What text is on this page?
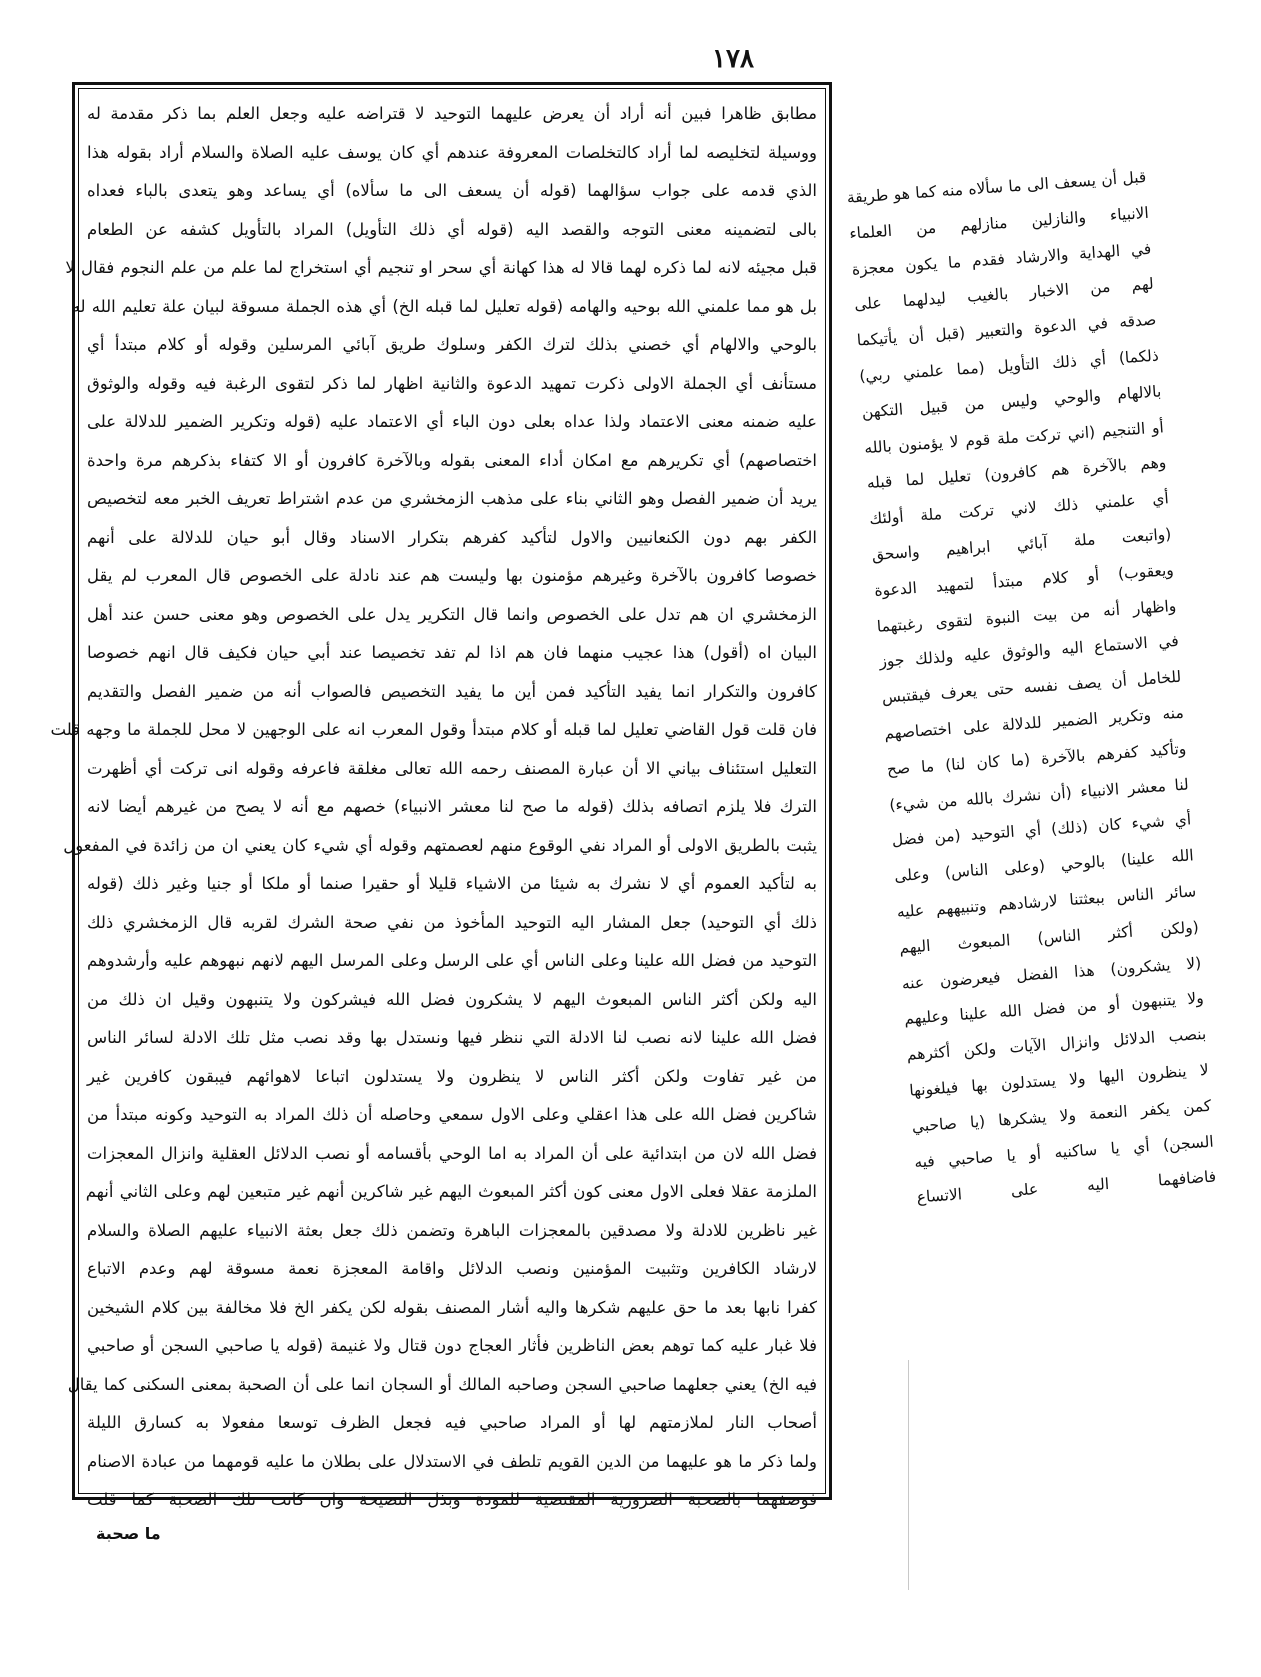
١٧٨
مطابق ظاهرا فبين أنه أراد أن يعرض عليهما التوحيد لا قتراضه عليه وجعل العلم بما ذكر مقدمة له
ووسيلة لتخليصه لما أراد كالتخلصات المعروفة عندهم أي كان يوسف عليه الصلاة والسلام أراد بقوله هذا
الذي قدمه على جواب سؤالهما (قوله أن يسعف الى ما سألاه) أي يساعد وهو يتعدى بالباء فعداه
بالى لتضمينه معنى التوجه والقصد اليه (قوله أي ذلك التأويل) المراد بالتأويل كشفه عن الطعام
قبل مجيئه لانه لما ذكره لهما قالا له هذا كهانة أي سحر او تنجيم أي استخراج لما علم من علم النجوم فقال لا
بل هو مما علمني الله بوحيه والهامه (قوله تعليل لما قبله الخ) أي هذه الجملة مسوقة لبيان علة تعليم الله له
بالوحي والالهام أي خصني بذلك لترك الكفر وسلوك طريق آبائي المرسلين وقوله أو كلام مبتدأ أي
مستأنف أي الجملة الاولى ذكرت تمهيد الدعوة والثانية اظهار لما ذكر لتقوى الرغبة فيه وقوله والوثوق
عليه ضمنه معنى الاعتماد ولذا عداه بعلى دون الباء أي الاعتماد عليه (قوله وتكرير الضمير للدلالة على
اختصاصهم) أي تكريرهم مع امكان أداء المعنى بقوله وبالآخرة كافرون أو الا كتفاء بذكرهم مرة واحدة
يريد أن ضمير الفصل وهو الثاني بناء على مذهب الزمخشري من عدم اشتراط تعريف الخبر معه لتخصيص
الكفر بهم دون الكنعانيين والاول لتأكيد كفرهم بتكرار الاسناد وقال أبو حيان للدلالة على أنهم
خصوصا كافرون بالآخرة وغيرهم مؤمنون بها وليست هم عند نادلة على الخصوص قال المعرب لم يقل
الزمخشري ان هم تدل على الخصوص وانما قال التكرير يدل على الخصوص وهو معنى حسن عند أهل
البيان اه (أقول) هذا عجيب منهما فان هم اذا لم تفد تخصيصا عند أبي حيان فكيف قال انهم خصوصا
كافرون والتكرار انما يفيد التأكيد فمن أين ما يفيد التخصيص فالصواب أنه من ضمير الفصل والتقديم
فان قلت قول القاضي تعليل لما قبله أو كلام مبتدأ وقول المعرب انه على الوجهين لا محل للجملة ما وجهه قلت
التعليل استئناف بياني الا أن عبارة المصنف رحمه الله تعالى مغلقة فاعرفه وقوله انى تركت أي أظهرت
الترك فلا يلزم اتصافه بذلك (قوله ما صح لنا معشر الانبياء) خصهم مع أنه لا يصح من غيرهم أيضا لانه
يثبت بالطريق الاولى أو المراد نفي الوقوع منهم لعصمتهم وقوله أي شيء كان يعني ان من زائدة في المفعول
به لتأكيد العموم أي لا نشرك به شيئا من الاشياء قليلا أو حقيرا صنما أو ملكا أو جنيا وغير ذلك (قوله
ذلك أي التوحيد) جعل المشار اليه التوحيد المأخوذ من نفي صحة الشرك لقربه قال الزمخشري ذلك
التوحيد من فضل الله علينا وعلى الناس أي على الرسل وعلى المرسل اليهم لانهم نبهوهم عليه وأرشدوهم
اليه ولكن أكثر الناس المبعوث اليهم لا يشكرون فضل الله فيشركون ولا يتنبهون وقيل ان ذلك من
فضل الله علينا لانه نصب لنا الادلة التي ننظر فيها ونستدل بها وقد نصب مثل تلك الادلة لسائر الناس
من غير تفاوت ولكن أكثر الناس لا ينظرون ولا يستدلون اتباعا لاهوائهم فيبقون كافرين غير
شاكرين فضل الله على هذا اعقلي وعلى الاول سمعي وحاصله أن ذلك المراد به التوحيد وكونه مبتدأ من
فضل الله لان من ابتدائية على أن المراد به اما الوحي بأقسامه أو نصب الدلائل العقلية وانزال المعجزات
الملزمة عقلا فعلى الاول معنى كون أكثر المبعوث اليهم غير شاكرين أنهم غير متبعين لهم وعلى الثاني أنهم
غير ناظرين للادلة ولا مصدقين بالمعجزات الباهرة وتضمن ذلك جعل بعثة الانبياء عليهم الصلاة والسلام
لارشاد الكافرين وتثبيت المؤمنين ونصب الدلائل واقامة المعجزة نعمة مسوقة لهم وعدم الاتباع
كفرا نابها بعد ما حق عليهم شكرها واليه أشار المصنف بقوله لكن يكفر الخ فلا مخالفة بين كلام الشيخين
فلا غبار عليه كما توهم بعض الناظرين فأثار العجاج دون قتال ولا غنيمة (قوله يا صاحبي السجن أو صاحبي
فيه الخ) يعني جعلهما صاحبي السجن وصاحبه المالك أو السجان انما على أن الصحبة بمعنى السكنى كما يقال
أصحاب النار لملازمتهم لها أو المراد صاحبي فيه فجعل الظرف توسعا مفعولا به كسارق الليلة
ولما ذكر ما هو عليهما من الدين القويم تلطف في الاستدلال على بطلان ما عليه قومهما من عبادة الاصنام
فوصفهما بالصحبة الضرورية المقتضية للمودة وبذل النصيحة وان كانت تلك الصحبة كما قلت
قبل أن يسعف الى ما سألاه منه كما هو طريقة
الانبياء والنازلين منازلهم من العلماء
في الهداية والارشاد فقدم ما يكون معجزة
لهم من الاخبار بالغيب ليدلهما على
صدقه في الدعوة والتعبير (قبل أن يأتيكما
ذلكما) أي ذلك التأويل (مما علمني ربي)
بالالهام والوحي وليس من قبيل التكهن
أو التنجيم (اني تركت ملة قوم لا يؤمنون بالله
وهم بالآخرة هم كافرون) تعليل لما قبله
أي علمني ذلك لاني تركت ملة أولئك
(واتبعت ملة آبائي ابراهيم واسحق
ويعقوب) أو كلام مبتدأ لتمهيد الدعوة
واظهار أنه من بيت النبوة لتقوى رغبتهما
في الاستماع اليه والوثوق عليه ولذلك جوز
للخامل أن يصف نفسه حتى يعرف فيقتبس
منه وتكرير الضمير للدلالة على اختصاصهم
وتأكيد كفرهم بالآخرة (ما كان لنا) ما صح
لنا معشر الانبياء (أن نشرك بالله من شيء)
أي شيء كان (ذلك) أي التوحيد (من فضل
الله علينا) بالوحي (وعلى الناس) وعلى
سائر الناس ببعثتنا لارشادهم وتنبيههم عليه
(ولكن أكثر الناس) المبعوث اليهم
(لا يشكرون) هذا الفضل فيعرضون عنه
ولا يتنبهون أو من فضل الله علينا وعليهم
بنصب الدلائل وانزال الآيات ولكن أكثرهم
لا ينظرون اليها ولا يستدلون بها فيلغونها
كمن يكفر النعمة ولا يشكرها (يا صاحبي
السجن) أي يا ساكنيه أو يا صاحبي فيه
فاضافهما اليه على الاتساع
ما صحبة
